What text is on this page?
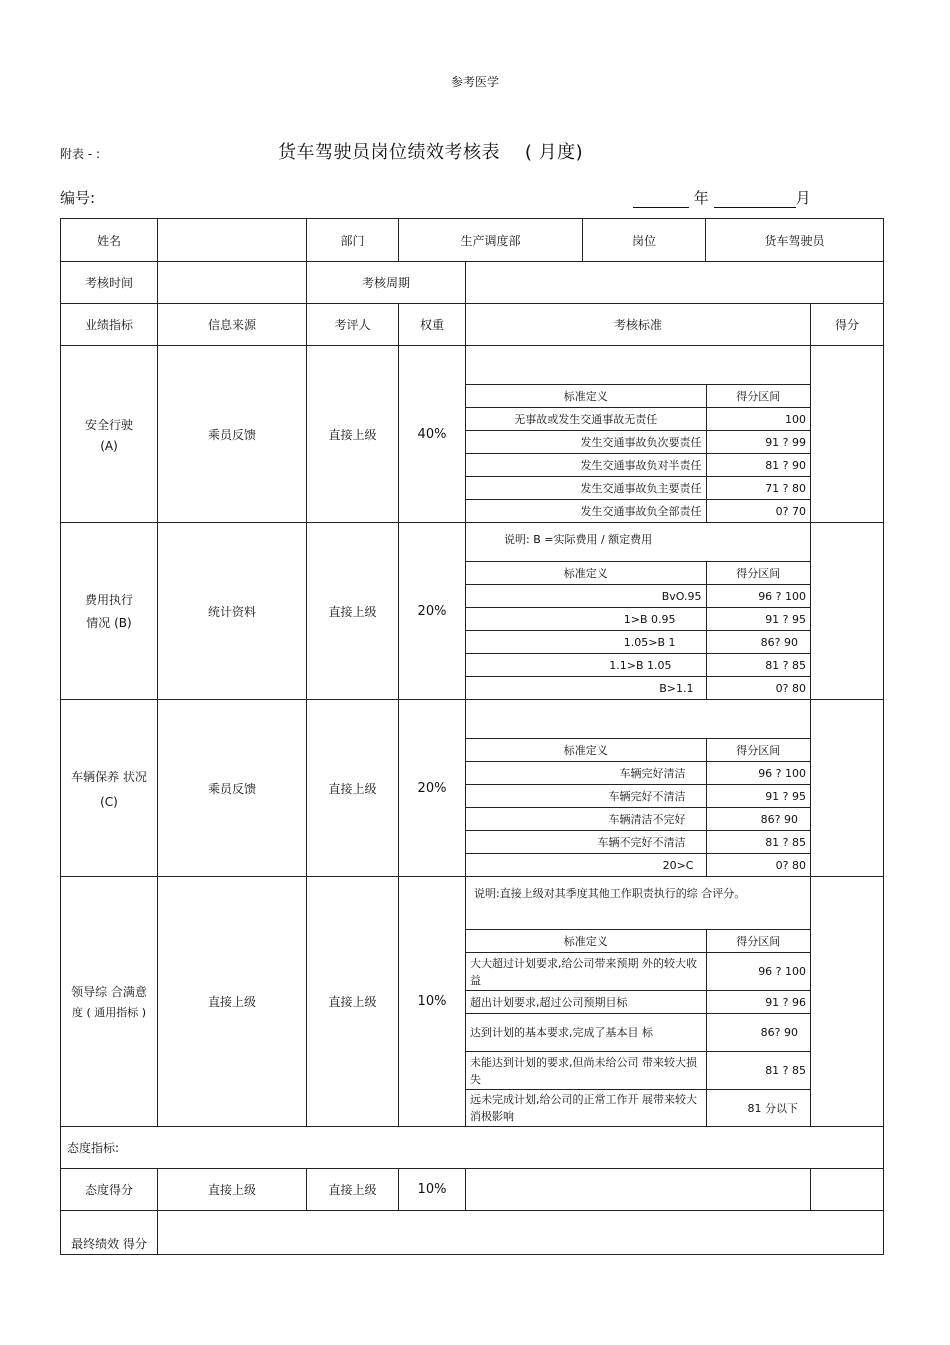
参考医学
附表 - :	货车驾驶员岗位绩效考核表 ( 月度)
编号:	年	月
姓名		部门	生产调度部	岗位	货车驾驶员
考核时间		考核周期	
业绩指标	信息来源	考评人	权重	考核标准	得分

安全行驶
(A)
	乘员反馈	直接上级	40%	
标准定义	得分区间
无事故或发生交通事故无责任	100
发生交通事故负次要责任	91 ? 99
发生交通事故负对半责任	81 ? 90
发生交通事故负主要责任	71 ? 80
发生交通事故负全部责任	0? 70

费用执行
情况 (B)
	统计资料	直接上级	20%	
说明: B =实际费用 / 额定费用
标准定义	得分区间
BvO.95	96 ? 100
1>B 0.95	91 ? 95
1.05>B 1	86? 90
1.1>B 1.05	81 ? 85
B>1.1	0? 80

车辆保养 状况
(C)
	乘员反馈	直接上级	20%	
标准定义	得分区间
车辆完好清洁	96 ? 100
车辆完好不清洁	91 ? 95
车辆清洁不完好	86? 90
车辆不完好不清洁	81 ? 85
20>C	0? 80

领导综 合满意
度 ( 通用指标 )
	直接上级	直接上级	10%	
说明:直接上级对其季度其他工作职责执行的综 合评分。
标准定义	得分区间
大大超过计划要求,给公司带来预期 外的较大收益	96 ? 100
超出计划要求,超过公司预期目标	91 ? 96
达到计划的基本要求,完成了基本目 标	86? 90
未能达到计划的要求,但尚未给公司 带来较大损失	81 ? 85
远未完成计划,给公司的正常工作开 展带来较大消极影响	81 分以下

态度指标:
态度得分	直接上级	直接上级	10%		
最终绩效 得分	
